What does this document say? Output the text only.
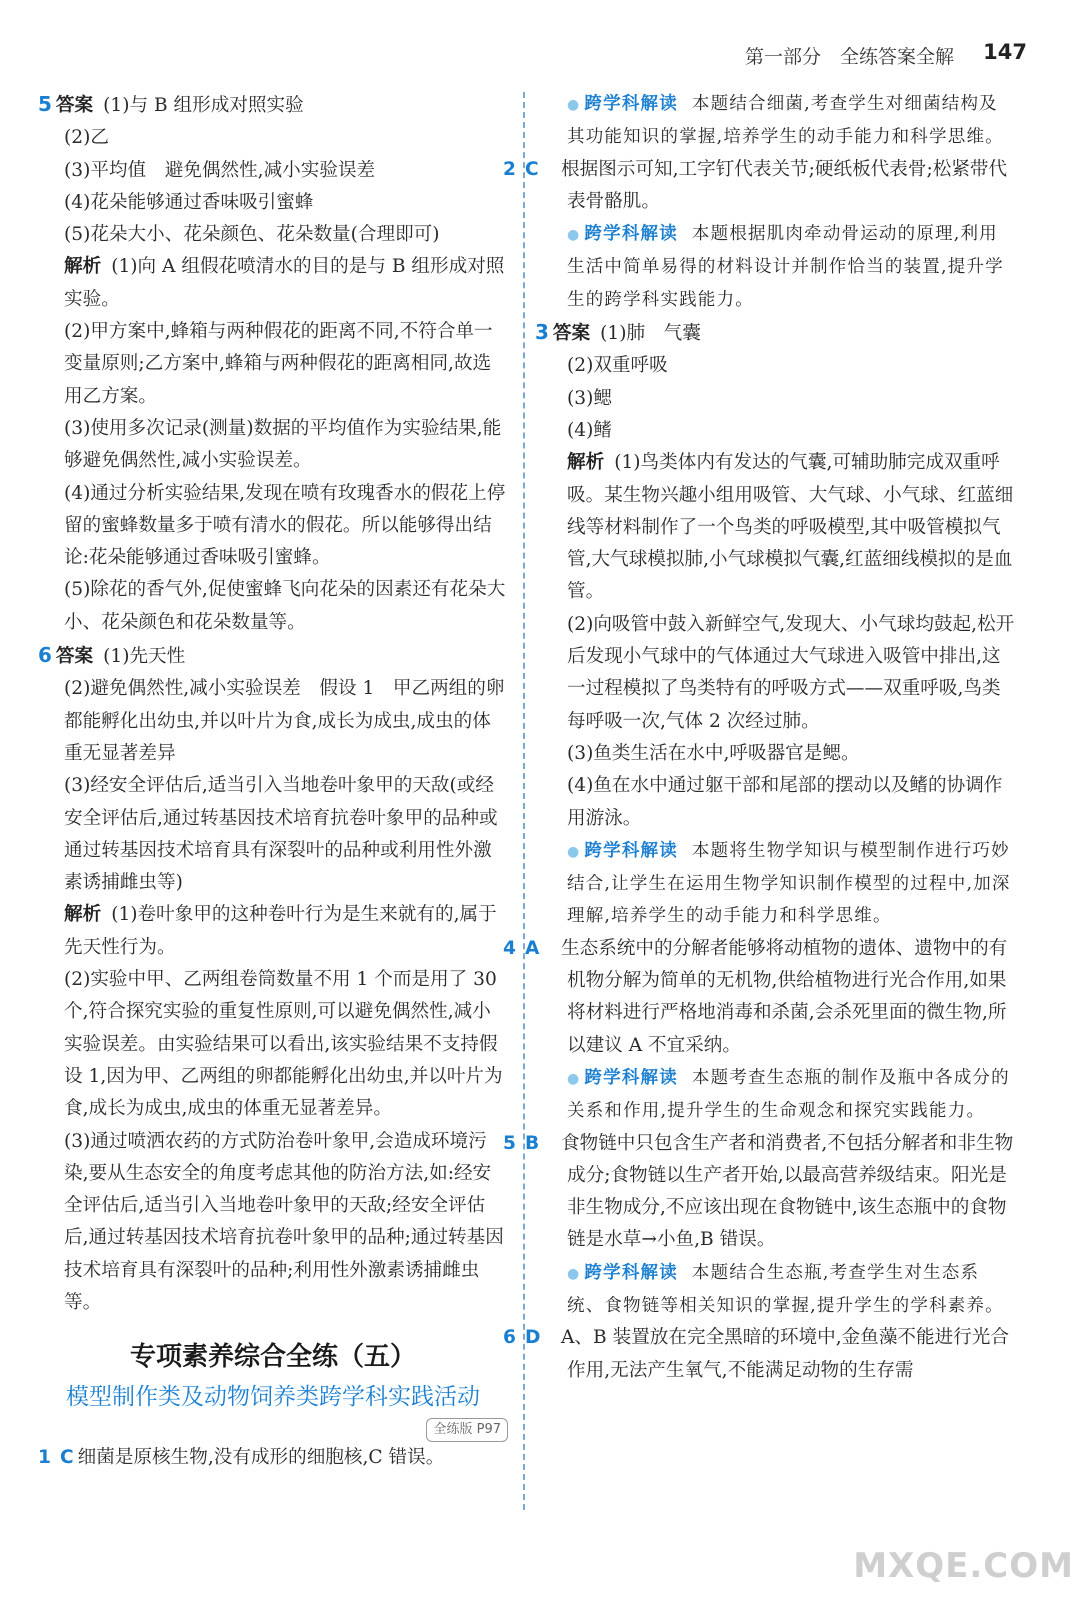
第一部分　全练答案全解 147

5 答案 (1)与 B 组形成对照实验

(2)乙

(3)平均值　避免偶然性,减小实验误差

(4)花朵能够通过香味吸引蜜蜂

(5)花朵大小、花朵颜色、花朵数量(合理即可)

解析 (1)向 A 组假花喷清水的目的是与 B 组形成对照实验。

(2)甲方案中,蜂箱与两种假花的距离不同,不符合单一变量原则;乙方案中,蜂箱与两种假花的距离相同,故选用乙方案。

(3)使用多次记录(测量)数据的平均值作为实验结果,能够避免偶然性,减小实验误差。

(4)通过分析实验结果,发现在喷有玫瑰香水的假花上停留的蜜蜂数量多于喷有清水的假花。所以能够得出结论:花朵能够通过香味吸引蜜蜂。

(5)除花的香气外,促使蜜蜂飞向花朵的因素还有花朵大小、花朵颜色和花朵数量等。

6 答案 (1)先天性

(2)避免偶然性,减小实验误差　假设 1　甲乙两组的卵都能孵化出幼虫,并以叶片为食,成长为成虫,成虫的体重无显著差异

(3)经安全评估后,适当引入当地卷叶象甲的天敌(或经安全评估后,通过转基因技术培育抗卷叶象甲的品种或通过转基因技术培育具有深裂叶的品种或利用性外激素诱捕雌虫等)

解析 (1)卷叶象甲的这种卷叶行为是生来就有的,属于先天性行为。

(2)实验中甲、乙两组卷筒数量不用 1 个而是用了 30 个,符合探究实验的重复性原则,可以避免偶然性,减小实验误差。由实验结果可以看出,该实验结果不支持假设 1,因为甲、乙两组的卵都能孵化出幼虫,并以叶片为食,成长为成虫,成虫的体重无显著差异。

(3)通过喷洒农药的方式防治卷叶象甲,会造成环境污染,要从生态安全的角度考虑其他的防治方法,如:经安全评估后,适当引入当地卷叶象甲的天敌;经安全评估后,通过转基因技术培育抗卷叶象甲的品种;通过转基因技术培育具有深裂叶的品种;利用性外激素诱捕雌虫等。

专项素养综合全练（五）
模型制作类及动物饲养类跨学科实践活动
全练版 P97

1 C 细菌是原核生物,没有成形的细胞核,C 错误。

● 跨学科解读 本题结合细菌,考查学生对细菌结构及其功能知识的掌握,培养学生的动手能力和科学思维。

2 C 根据图示可知,工字钉代表关节;硬纸板代表骨;松紧带代表骨骼肌。

● 跨学科解读 本题根据肌肉牵动骨运动的原理,利用生活中简单易得的材料设计并制作恰当的装置,提升学生的跨学科实践能力。

3 答案 (1)肺　气囊

(2)双重呼吸

(3)鳃

(4)鳍

解析 (1)鸟类体内有发达的气囊,可辅助肺完成双重呼吸。某生物兴趣小组用吸管、大气球、小气球、红蓝细线等材料制作了一个鸟类的呼吸模型,其中吸管模拟气管,大气球模拟肺,小气球模拟气囊,红蓝细线模拟的是血管。

(2)向吸管中鼓入新鲜空气,发现大、小气球均鼓起,松开后发现小气球中的气体通过大气球进入吸管中排出,这一过程模拟了鸟类特有的呼吸方式——双重呼吸,鸟类每呼吸一次,气体 2 次经过肺。

(3)鱼类生活在水中,呼吸器官是鳃。

(4)鱼在水中通过躯干部和尾部的摆动以及鳍的协调作用游泳。

● 跨学科解读 本题将生物学知识与模型制作进行巧妙结合,让学生在运用生物学知识制作模型的过程中,加深理解,培养学生的动手能力和科学思维。

4 A 生态系统中的分解者能够将动植物的遗体、遗物中的有机物分解为简单的无机物,供给植物进行光合作用,如果将材料进行严格地消毒和杀菌,会杀死里面的微生物,所以建议 A 不宜采纳。

● 跨学科解读 本题考查生态瓶的制作及瓶中各成分的关系和作用,提升学生的生命观念和探究实践能力。

5 B 食物链中只包含生产者和消费者,不包括分解者和非生物成分;食物链以生产者开始,以最高营养级结束。阳光是非生物成分,不应该出现在食物链中,该生态瓶中的食物链是水草→小鱼,B 错误。

● 跨学科解读 本题结合生态瓶,考查学生对生态系统、食物链等相关知识的掌握,提升学生的学科素养。

6 D A、B 装置放在完全黑暗的环境中,金鱼藻不能进行光合作用,无法产生氧气,不能满足动物的生存需

MXQE.COM
